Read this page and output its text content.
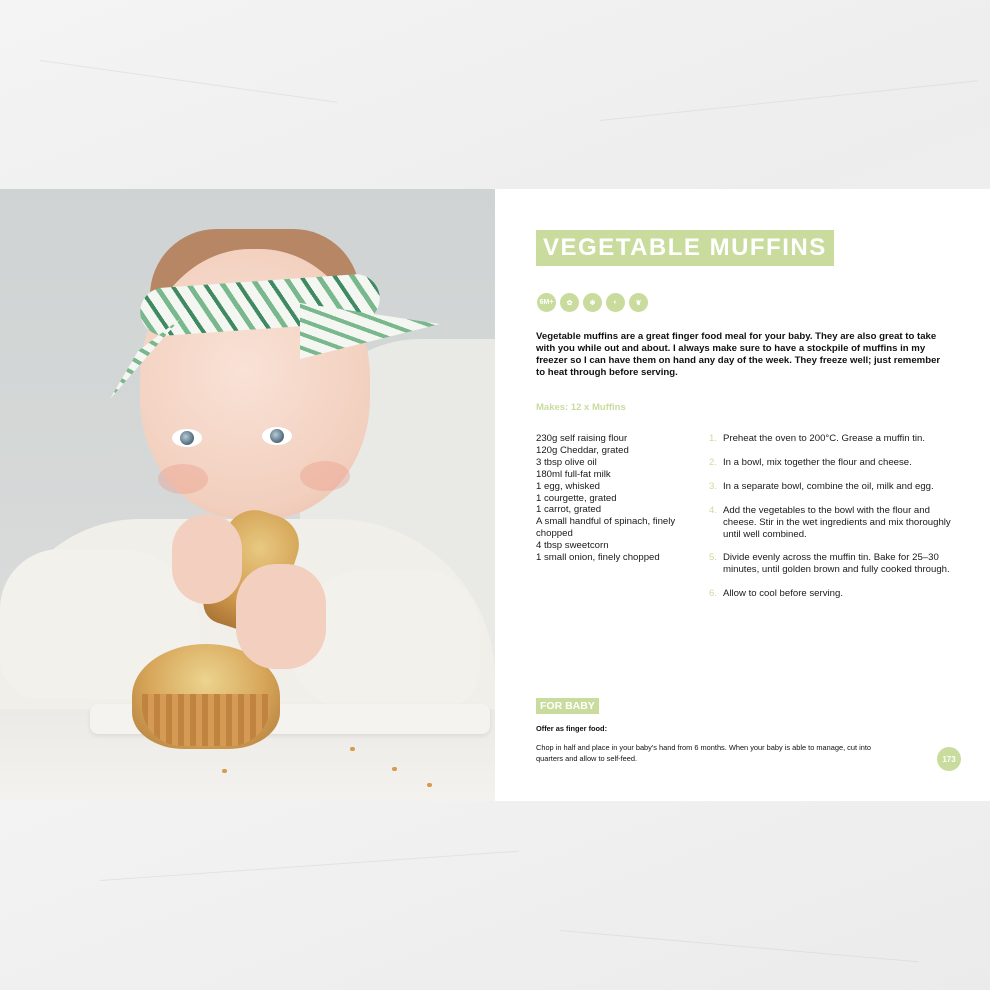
VEGETABLE MUFFINS
6M+	✿	❄	◐	❦

Vegetable muffins are a great finger food meal for your baby. They are also great to take with you while out and about. I always make sure to have a stockpile of muffins in my freezer so I can have them on hand any day of the week. They freeze well; just remember to heat through before serving.

Makes: 12 x Muffins
230g self raising flour
120g Cheddar, grated
3 tbsp olive oil
180ml full-fat milk
1 egg, whisked
1 courgette, grated
1 carrot, grated
A small handful of spinach, finely chopped
4 tbsp sweetcorn
1 small onion, finely chopped
1. Preheat the oven to 200°C. Grease a muffin tin.
2. In a bowl, mix together the flour and cheese.
3. In a separate bowl, combine the oil, milk and egg.
4. Add the vegetables to the bowl with the flour and cheese. Stir in the wet ingredients and mix thoroughly until well combined.
5. Divide evenly across the muffin tin. Bake for 25–30 minutes, until golden brown and fully cooked through.
6. Allow to cool before serving.
FOR BABY
Offer as finger food:

Chop in half and place in your baby's hand from 6 months. When your baby is able to manage, cut into quarters and allow to self-feed.	173
